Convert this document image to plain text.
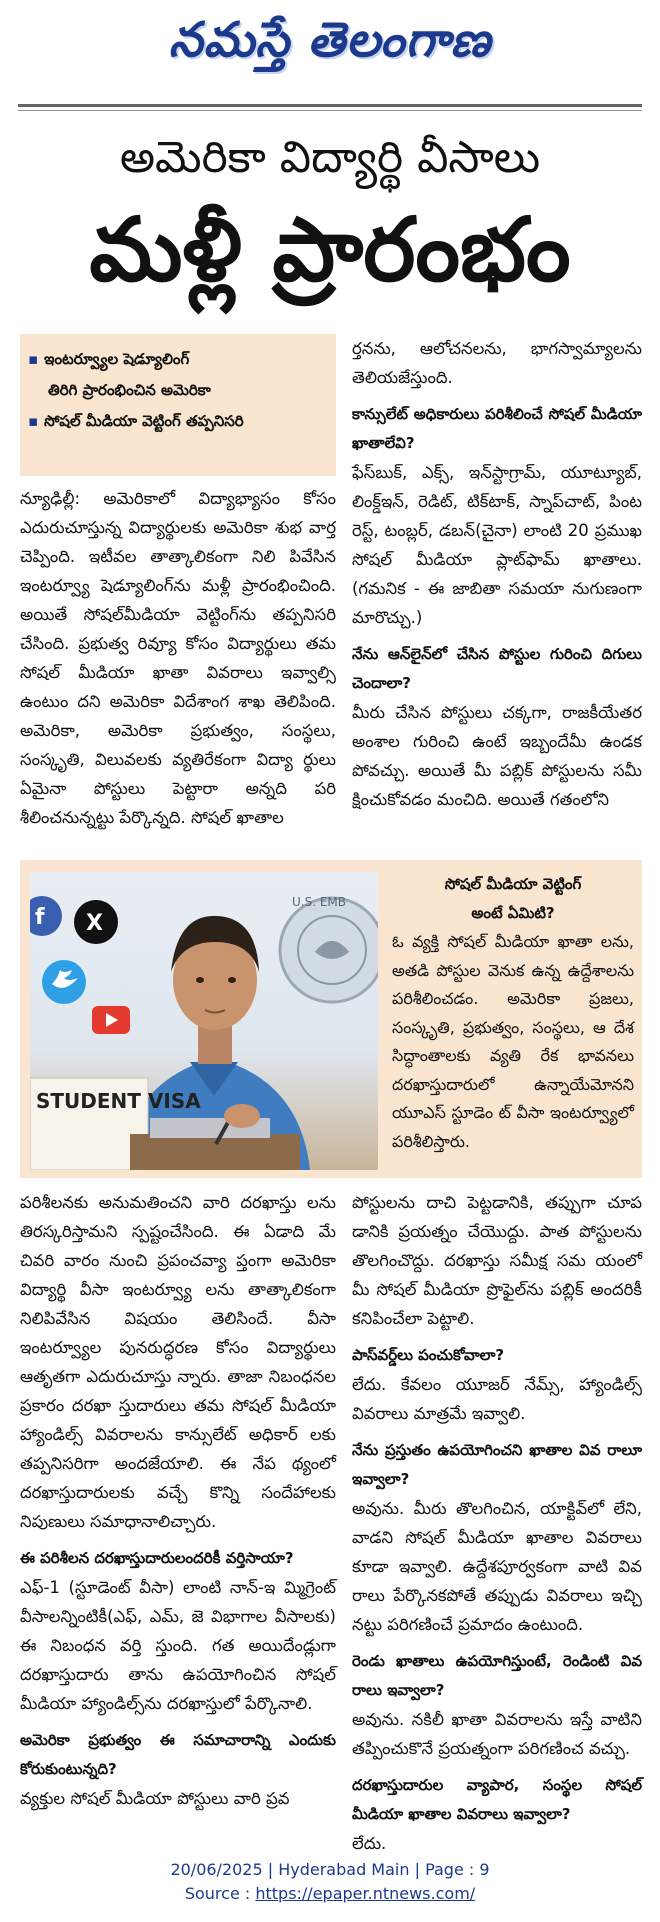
నమస్తే తెలంగాణ
అమెరికా విద్యార్థి వీసాలు
మళ్లీ ప్రారంభం
▪ ఇంటర్వ్యూల షెడ్యూలింగ్
తిరిగి ప్రారంభించిన అమెరికా
▪ సోషల్ మీడియా వెట్టింగ్ తప్పనిసరి

న్యూఢిల్లీ: అమెరికాలో విద్యాభ్యాసం కోసం ఎదురుచూస్తున్న విద్యార్థులకు అమెరికా శుభ వార్త చెప్పింది. ఇటీవల తాత్కాలికంగా నిలి పివేసిన ఇంటర్వ్యూ షెడ్యూలింగ్‌ను మళ్లీ ప్రారంభించింది. అయితే సోషల్‌మీడియా వెట్టింగ్‌ను తప్పనిసరి చేసింది. ప్రభుత్వ రివ్యూ కోసం విద్యార్థులు తమ సోషల్ మీడియా ఖాతా వివరాలు ఇవ్వాల్సి ఉంటుం దని అమెరికా విదేశాంగ శాఖ తెలిపింది. అమెరికా, అమెరికా ప్రభుత్వం, సంస్థలు, సంస్కృతి, విలువలకు వ్యతిరేకంగా విద్యా ర్థులు ఏమైనా పోస్టులు పెట్టారా అన్నది పరి శీలించనున్నట్టు పేర్కొన్నది. సోషల్ ఖాతాల

ర్తనను, ఆలోచనలను, భాగస్వామ్యాలను తెలియజేస్తుంది.

కాన్సులేట్ అధికారులు పరిశీలించే సోషల్ మీడియా ఖాతాలేవి?

ఫేస్‌బుక్, ఎక్స్, ఇన్‌స్టాగ్రామ్, యూట్యూబ్, లింక్డ్ఇన్, రెడిట్, టిక్‌టాక్, స్నాప్‌చాట్, పింట రెస్ట్, టంబ్లర్, డబన్(చైనా) లాంటి 20 ప్రముఖ సోషల్ మీడియా ప్లాట్‌ఫామ్ ఖాతాలు. (గమనిక - ఈ జాబితా సమయా నుగుణంగా మారొచ్చు.)

నేను ఆన్‌లైన్‌లో చేసిన పోస్టుల గురించి దిగులు చెందాలా?

మీరు చేసిన పోస్టులు చక్కగా, రాజకీయేతర అంశాల గురించి ఉంటే ఇబ్బందేమీ ఉండక పోవచ్చు. అయితే మీ పబ్లిక్ పోస్టులను సమీ క్షించుకోవడం మంచిది. అయితే గతంలోని

U.S. EMB
f X
STUDENT VISA
సోషల్ మీడియా వెట్టింగ్
అంటే ఏమిటి?
ఓ వ్యక్తి సోషల్ మీడియా ఖాతా లను, అతడి పోస్టుల వెనుక ఉన్న ఉద్దేశాలను పరిశీలించడం. అమెరికా ప్రజలు, సంస్కృతి, ప్రభుత్వం, సంస్థలు, ఆ దేశ సిద్ధాంతాలకు వ్యతి రేక భావనలు దరఖాస్తుదారులో ఉన్నాయేమోనని యూఎస్ స్టూడెం ట్ వీసా ఇంటర్వ్యూలో పరిశీలిస్తారు.

పరిశీలనకు అనుమతించని వారి దరఖాస్తు లను తిరస్కరిస్తామని స్పష్టంచేసింది. ఈ ఏడాది మే చివరి వారం నుంచి ప్రపంచవ్యా ప్తంగా అమెరికా విద్యార్థి వీసా ఇంటర్వ్యూ లను తాత్కాలికంగా నిలిపివేసిన విషయం తెలిసిందే. వీసా ఇంటర్వ్యూల పునరుద్ధరణ కోసం విద్యార్థులు ఆతృతగా ఎదురుచూస్తు న్నారు. తాజా నిబంధనల ప్రకారం దరఖా స్తుదారులు తమ సోషల్ మీడియా హ్యాండిల్స్ వివరాలను కాన్సులేట్ అధికార్ లకు తప్పనిసరిగా అందజేయాలి. ఈ నేప థ్యంలో దరఖాస్తుదారులకు వచ్చే కొన్ని సందేహాలకు నిపుణులు సమాధానాలిచ్చారు.

ఈ పరిశీలన దరఖాస్తుదారులందరికీ వర్తిసాయా?

ఎఫ్-1 (స్టూడెంట్ వీసా) లాంటి నాన్-ఇ మ్మిగ్రెంట్ వీసాలన్నింటికీ(ఎఫ్, ఎమ్, జె విభాగాల వీసాలకు) ఈ నిబంధన వర్తి స్తుంది. గత అయిదేండ్లుగా దరఖాస్తుదారు తాను ఉపయోగించిన సోషల్ మీడియా హ్యాండిల్స్‌ను దరఖాస్తులో పేర్కొనాలి.

అమెరికా ప్రభుత్వం ఈ సమాచారాన్ని ఎందుకు కోరుకుంటున్నది?

వ్యక్తుల సోషల్ మీడియా పోస్టులు వారి ప్రవ

పోస్టులను దాచి పెట్టడానికి, తప్పుగా చూప డానికి ప్రయత్నం చేయొద్దు. పాత పోస్టులను తొలగించొద్దు. దరఖాస్తు సమీక్ష సమ యంలో మీ సోషల్ మీడియా ప్రొఫైల్‌ను పబ్లిక్ అందరికీ కనిపించేలా పెట్టాలి.

పాస్‌వర్డ్‌లు పంచుకోవాలా?

లేదు. కేవలం యూజర్ నేమ్స్, హ్యాండిల్స్ వివరాలు మాత్రమే ఇవ్వాలి.

నేను ప్రస్తుతం ఉపయోగించని ఖాతాల వివ రాలూ ఇవ్వాలా?

అవును. మీరు తొలగించిన, యాక్టివ్‌లో లేని, వాడని సోషల్ మీడియా ఖాతాల వివరాలు కూడా ఇవ్వాలి. ఉద్దేశపూర్వకంగా వాటి వివ రాలు పేర్కొనకపోతే తప్పుడు వివరాలు ఇచ్చి నట్టు పరిగణించే ప్రమాదం ఉంటుంది.

రెండు ఖాతాలు ఉపయోగిస్తుంటే, రెండింటి వివ రాలు ఇవ్వాలా?

అవును. నకిలీ ఖాతా వివరాలను ఇస్తే వాటిని తప్పించుకొనే ప్రయత్నంగా పరిగణించ వచ్చు.

దరఖాస్తుదారుల వ్యాపార, సంస్థల సోషల్ మీడియా ఖాతాల వివరాలు ఇవ్వాలా?

లేదు.

20/06/2025 | Hyderabad Main | Page : 9
Source : https://epaper.ntnews.com/
